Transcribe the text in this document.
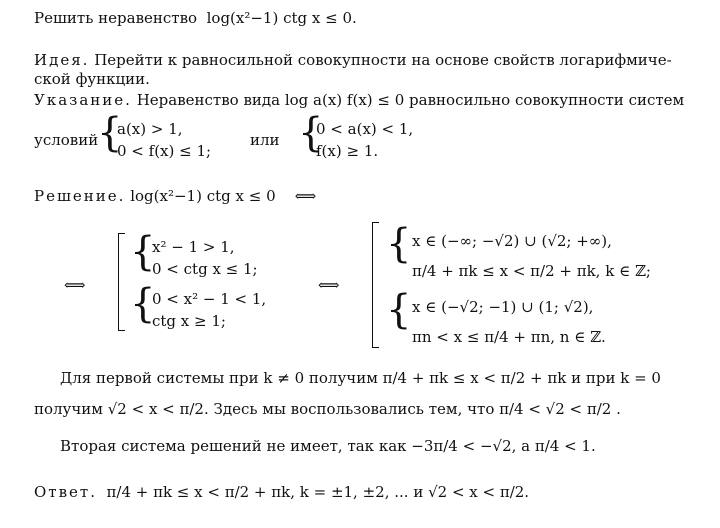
Решить неравенство log(x²−1) ctg x ≤ 0.
Идея. Перейти к равносильной совокупности на основе свойств логарифмиче-
ской функции.
Указание. Неравенство вида log a(x) f(x) ≤ 0 равносильно совокупности систем
условий
{
a(x) > 1,
0 < f(x) ≤ 1;
или {
0 < a(x) < 1,
f(x) ≥ 1.
Решение. log(x²−1) ctg x ≤ 0 ⟺
⟺
{
x² − 1 > 1,
0 < ctg x ≤ 1;
{
0 < x² − 1 < 1,
ctg x ≥ 1;
⟺
{ x ∈ (−∞; −√2) ∪ (√2; +∞),
π/4 + πk ≤ x < π/2 + πk, k ∈ ℤ;
{ x ∈ (−√2; −1) ∪ (1; √2),
πn < x ≤ π/4 + πn, n ∈ ℤ.
Для первой системы при k ≠ 0 получим π/4 + πk ≤ x < π/2 + πk и при k = 0
получим √2 < x < π/2. Здесь мы воспользовались тем, что π/4 < √2 < π/2 .
Вторая система решений не имеет, так как −3π/4 < −√2, а π/4 < 1.
Ответ. π/4 + πk ≤ x < π/2 + πk, k = ±1, ±2, ... и √2 < x < π/2.
